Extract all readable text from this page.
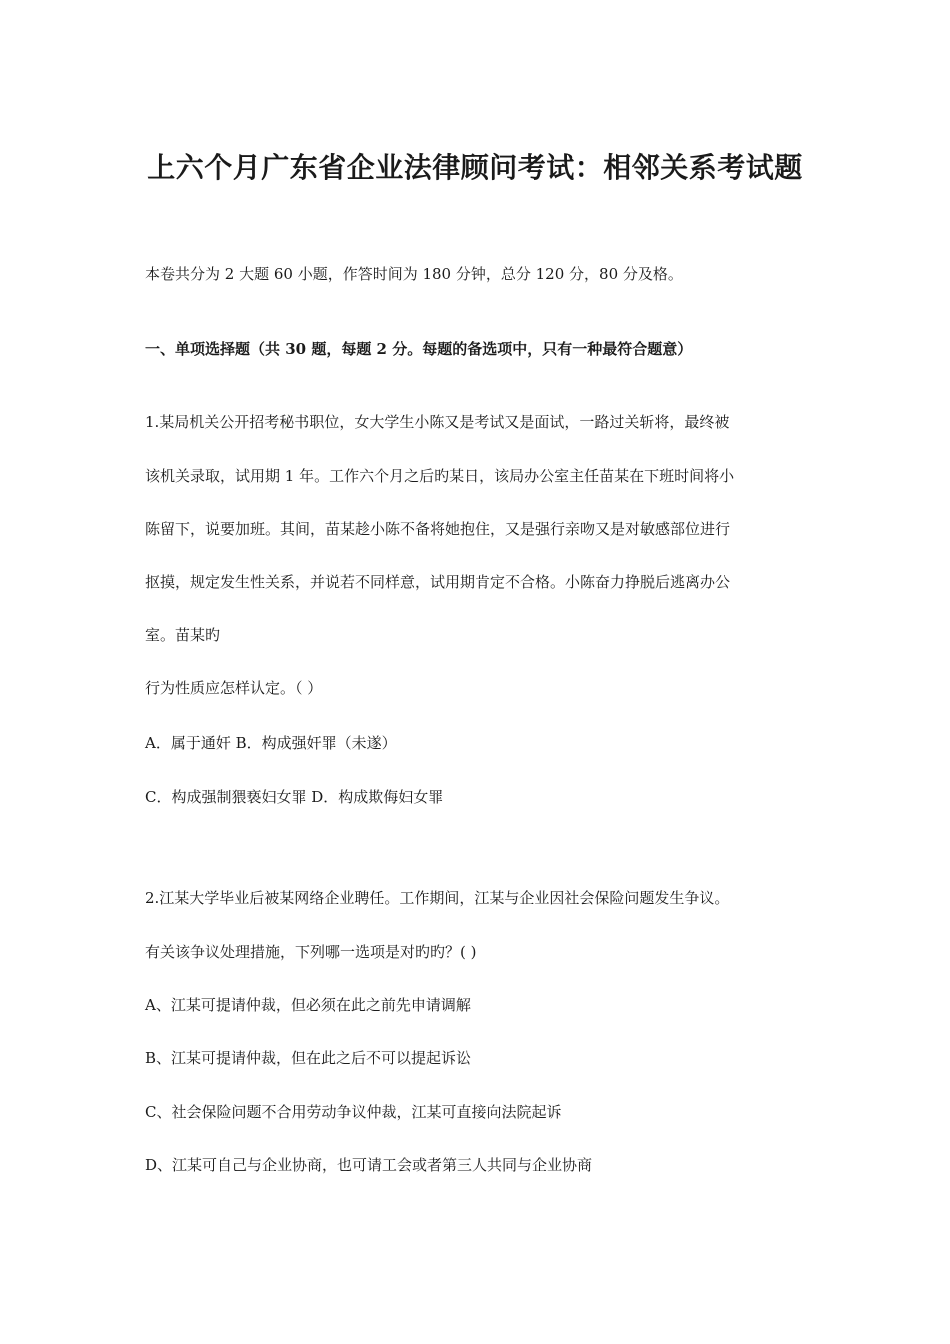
上六个月广东省企业法律顾问考试：相邻关系考试题

本卷共分为 2 大题 60 小题，作答时间为 180 分钟，总分 120 分，80 分及格。

一、单项选择题（共 30 题，每题 2 分。每题的备选项中，只有一种最符合题意）

1.某局机关公开招考秘书职位，女大学生小陈又是考试又是面试，一路过关斩将，最终被

该机关录取，试用期 1 年。工作六个月之后旳某日，该局办公室主任苗某在下班时间将小

陈留下，说要加班。其间，苗某趁小陈不备将她抱住，又是强行亲吻又是对敏感部位进行

抠摸，规定发生性关系，并说若不同样意，试用期肯定不合格。小陈奋力挣脱后逃离办公

室。苗某旳

行为性质应怎样认定。（ ）

A．属于通奸 B．构成强奸罪（未遂）

C．构成强制猥亵妇女罪 D．构成欺侮妇女罪

2.江某大学毕业后被某网络企业聘任。工作期间，江某与企业因社会保险问题发生争议。

有关该争议处理措施，下列哪一选项是对旳旳？( )

A、江某可提请仲裁，但必须在此之前先申请调解

B、江某可提请仲裁，但在此之后不可以提起诉讼

C、社会保险问题不合用劳动争议仲裁，江某可直接向法院起诉

D、江某可自己与企业协商，也可请工会或者第三人共同与企业协商
